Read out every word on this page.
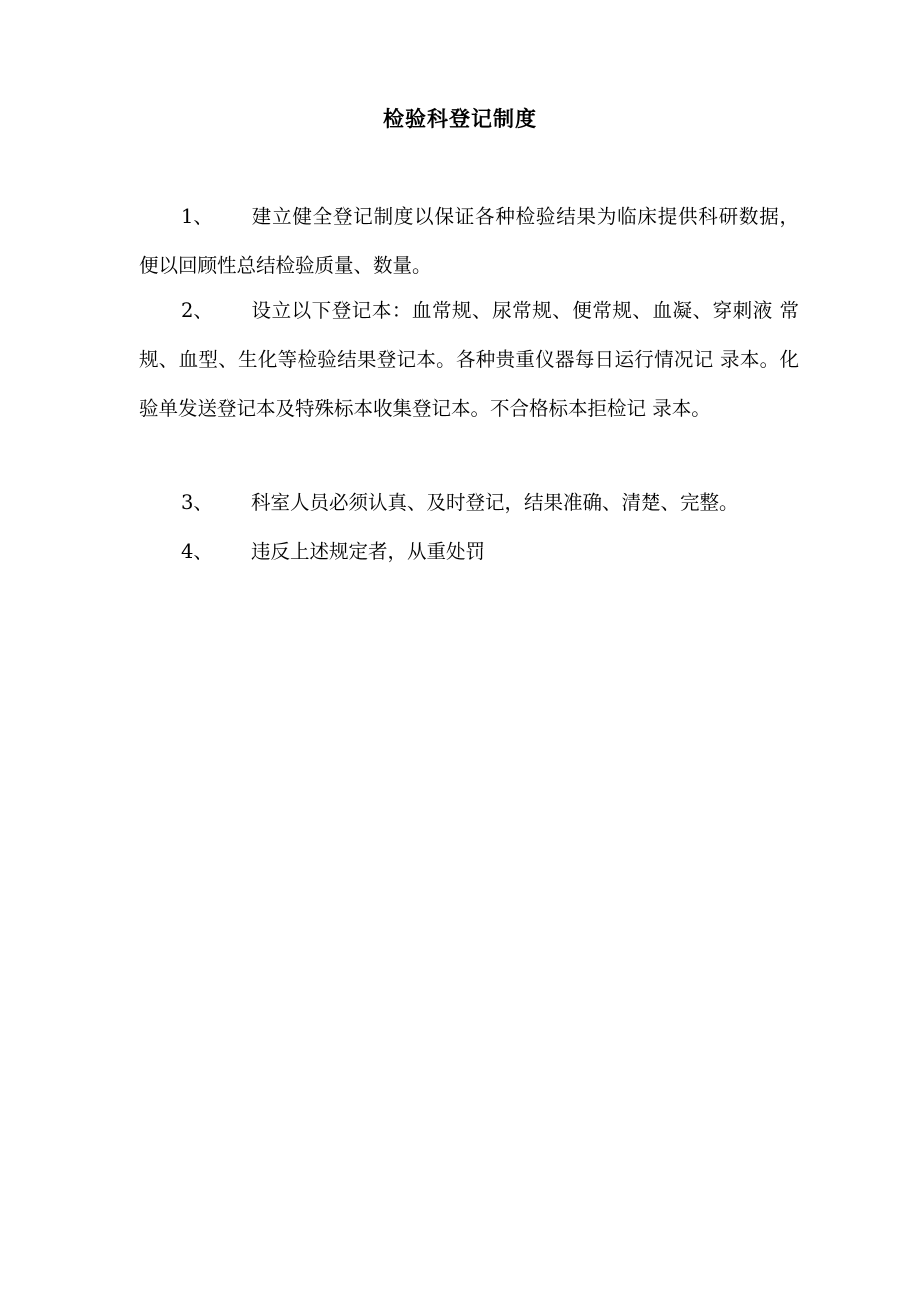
检验科登记制度
1、 建立健全登记制度以保证各种检验结果为临床提供科研数据， 便以回顾性总结检验质量、数量。
2、 设立以下登记本：血常规、尿常规、便常规、血凝、穿刺液 常规、血型、生化等检验结果登记本。各种贵重仪器每日运行情况记 录本。化验单发送登记本及特殊标本收集登记本。不合格标本拒检记 录本。
3、 科室人员必须认真、及时登记，结果准确、清楚、完整。
4、 违反上述规定者，从重处罚
